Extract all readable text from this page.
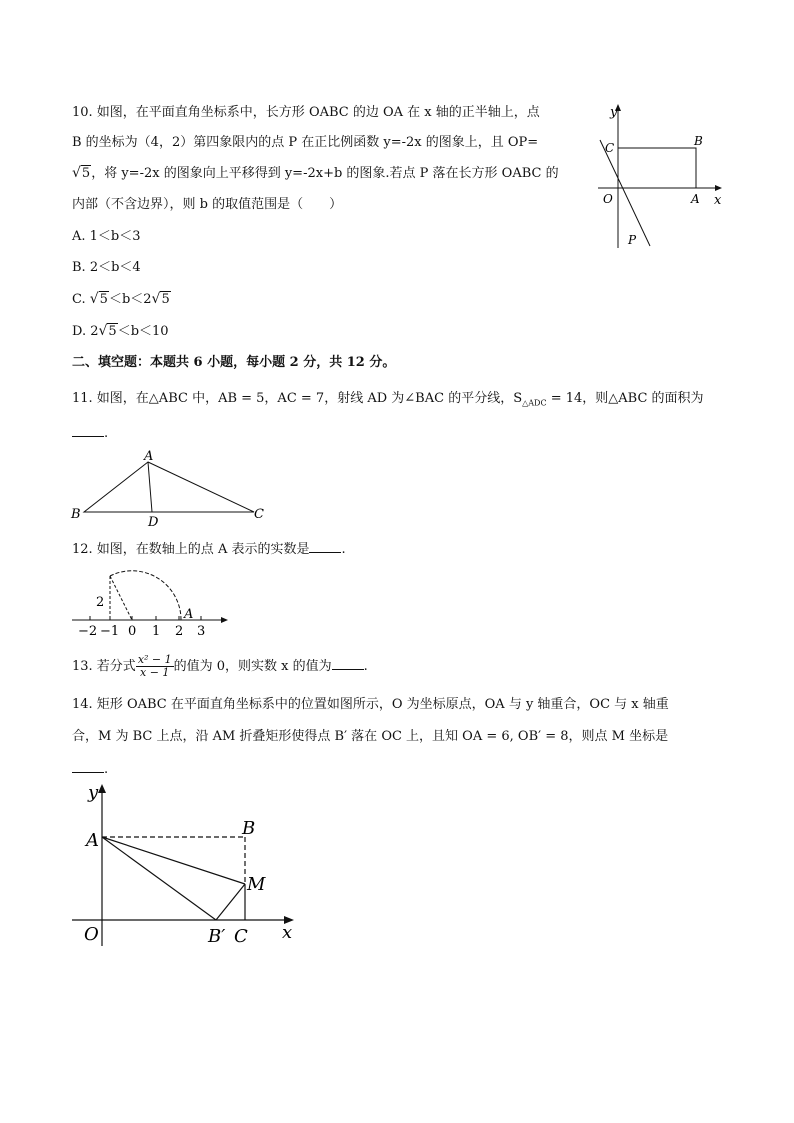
10. 如图，在平面直角坐标系中，长方形 OABC 的边 OA 在 x 轴的正半轴上，点
B 的坐标为（4，2）第四象限内的点 P 在正比例函数 y=-2x 的图象上，且 OP=
√5，将 y=-2x 的图象向上平移得到 y=-2x+b 的图象.若点 P 落在长方形 OABC 的
内部（不含边界），则 b 的取值范围是（　　）
A. 1＜b＜3
B. 2＜b＜4
C. √5＜b＜2√5
D. 2√5＜b＜10
y
x
C	B
O	A
P
二、填空题：本题共 6 小题，每小题 2 分，共 12 分。
11. 如图，在△ABC 中，AB = 5，AC = 7，射线 AD 为∠BAC 的平分线，$S_{\triangle ADC} = 14$，则△ABC 的面积为
.
A
B	C
D
12. 如图，在数轴上的点 A 表示的实数是 .
2
A
−2 −1 0 1 2 3
13. 若分式 $\frac{\text{x² − 1}}{x - 1}$ 的值为 0，则实数 x 的值为 .
14. 矩形 OABC 在平面直角坐标系中的位置如图所示，O 为坐标原点，OA 与 y 轴重合，OC 与 x 轴重
合，M 为 BC 上点，沿 AM 折叠矩形使得点 B′ 落在 OC 上，且知 OA = 6, OB′ = 8，则点 M 坐标是
.
y
A
B
M
O	B′ C x
